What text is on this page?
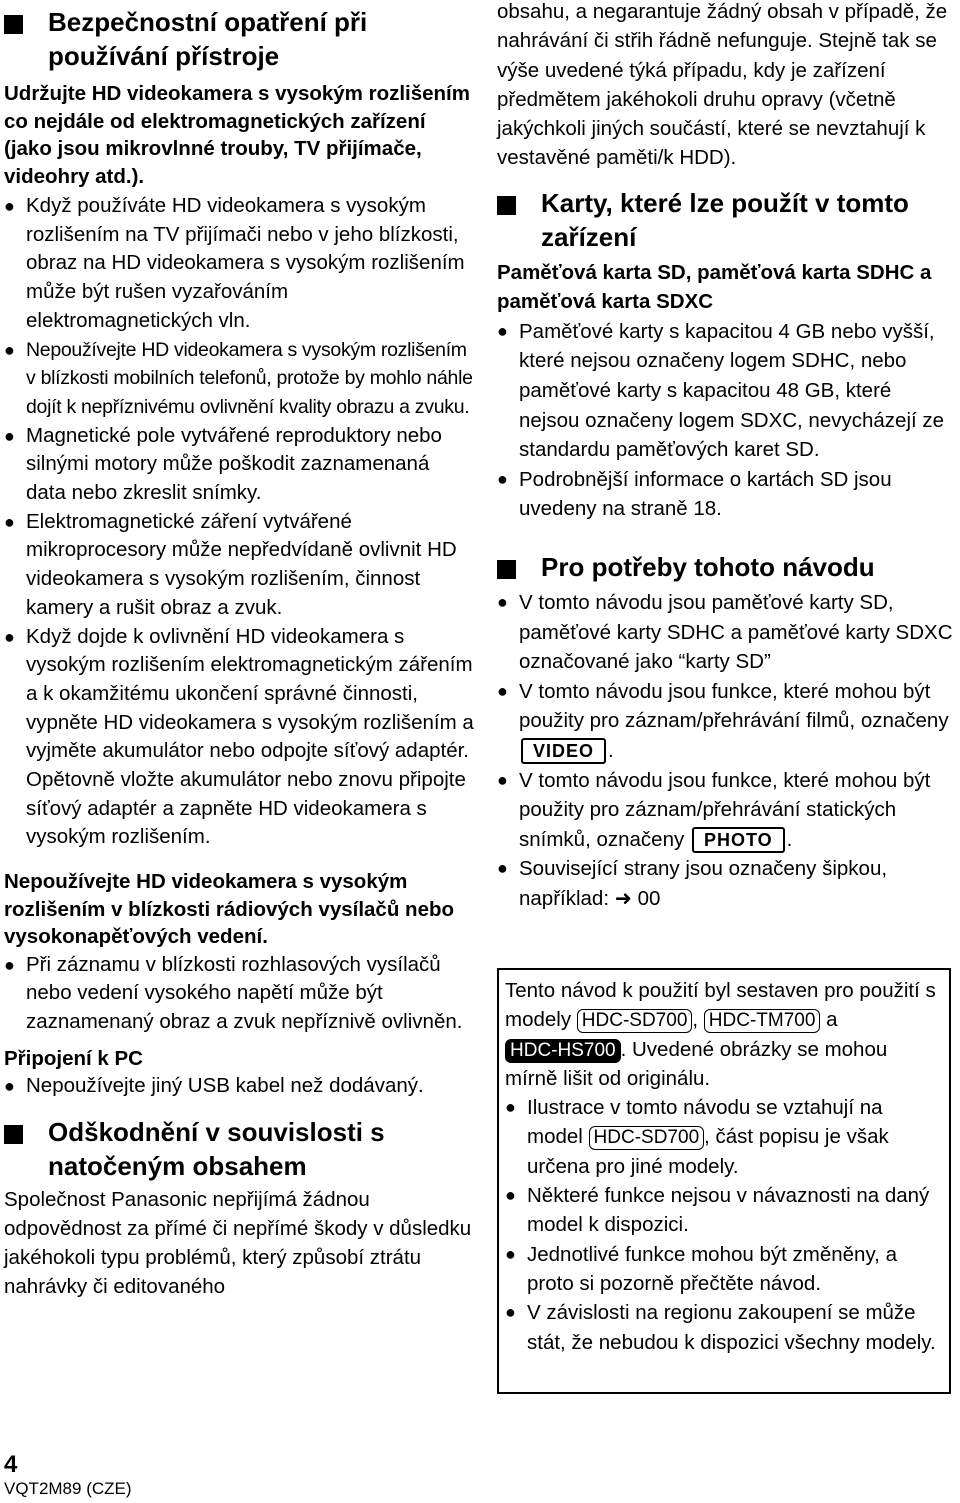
Bezpečnostní opatření při používání přístroje
Udržujte HD videokamera s vysokým rozlišením co nejdále od elektromagnetických zařízení (jako jsou mikrovlnné trouby, TV přijímače, videohry atd.).
● Když používáte HD videokamera s vysokým rozlišením na TV přijímači nebo v jeho blízkosti, obraz na HD videokamera s vysokým rozlišením může být rušen vyzařováním elektromagnetických vln.
● Nepoužívejte HD videokamera s vysokým rozlišením v blízkosti mobilních telefonů, protože by mohlo náhle dojít k nepříznivému ovlivnění kvality obrazu a zvuku.
● Magnetické pole vytvářené reproduktory nebo silnými motory může poškodit zaznamenaná data nebo zkreslit snímky.
● Elektromagnetické záření vytvářené mikroprocesory může nepředvídaně ovlivnit HD videokamera s vysokým rozlišením, činnost kamery a rušit obraz a zvuk.
● Když dojde k ovlivnění HD videokamera s vysokým rozlišením elektromagnetickým zářením a k okamžitému ukončení správné činnosti, vypněte HD videokamera s vysokým rozlišením a vyjměte akumulátor nebo odpojte síťový adaptér. Opětovně vložte akumulátor nebo znovu připojte síťový adaptér a zapněte HD videokamera s vysokým rozlišením.
Nepoužívejte HD videokamera s vysokým rozlišením v blízkosti rádiových vysílačů nebo vysokonapěťových vedení.
● Při záznamu v blízkosti rozhlasových vysílačů nebo vedení vysokého napětí může být zaznamenaný obraz a zvuk nepříznivě ovlivněn.
Připojení k PC
● Nepoužívejte jiný USB kabel než dodávaný.
Odškodnění v souvislosti s natočeným obsahem
Společnost Panasonic nepřijímá žádnou odpovědnost za přímé či nepřímé škody v důsledku jakéhokoli typu problémů, který způsobí ztrátu nahrávky či editovaného
obsahu, a negarantuje žádný obsah v případě, že nahrávání či střih řádně nefunguje. Stejně tak se výše uvedené týká případu, kdy je zařízení předmětem jakéhokoli druhu opravy (včetně jakýchkoli jiných součástí, které se nevztahují k vestavěné paměti/k HDD).
Karty, které lze použít v tomto zařízení
Paměťová karta SD, paměťová karta SDHC a paměťová karta SDXC
● Paměťové karty s kapacitou 4 GB nebo vyšší, které nejsou označeny logem SDHC, nebo paměťové karty s kapacitou 48 GB, které nejsou označeny logem SDXC, nevycházejí ze standardu paměťových karet SD.
● Podrobnější informace o kartách SD jsou uvedeny na straně 18.
Pro potřeby tohoto návodu
● V tomto návodu jsou paměťové karty SD, paměťové karty SDHC a paměťové karty SDXC označované jako “karty SD”
● V tomto návodu jsou funkce, které mohou být použity pro záznam/přehrávání filmů, označeny VIDEO .
● V tomto návodu jsou funkce, které mohou být použity pro záznam/přehrávání statických snímků, označeny PHOTO .
● Související strany jsou označeny šipkou, například: ➜ 00
Tento návod k použití byl sestaven pro použití s modely HDC-SD700 , HDC-TM700 a HDC-HS700 . Uvedené obrázky se mohou mírně lišit od originálu.
● Ilustrace v tomto návodu se vztahují na model HDC-SD700 , část popisu je však určena pro jiné modely.
● Některé funkce nejsou v návaznosti na daný model k dispozici.
● Jednotlivé funkce mohou být změněny, a proto si pozorně přečtěte návod.
● V závislosti na regionu zakoupení se může stát, že nebudou k dispozici všechny modely.
4
VQT2M89 (CZE)
